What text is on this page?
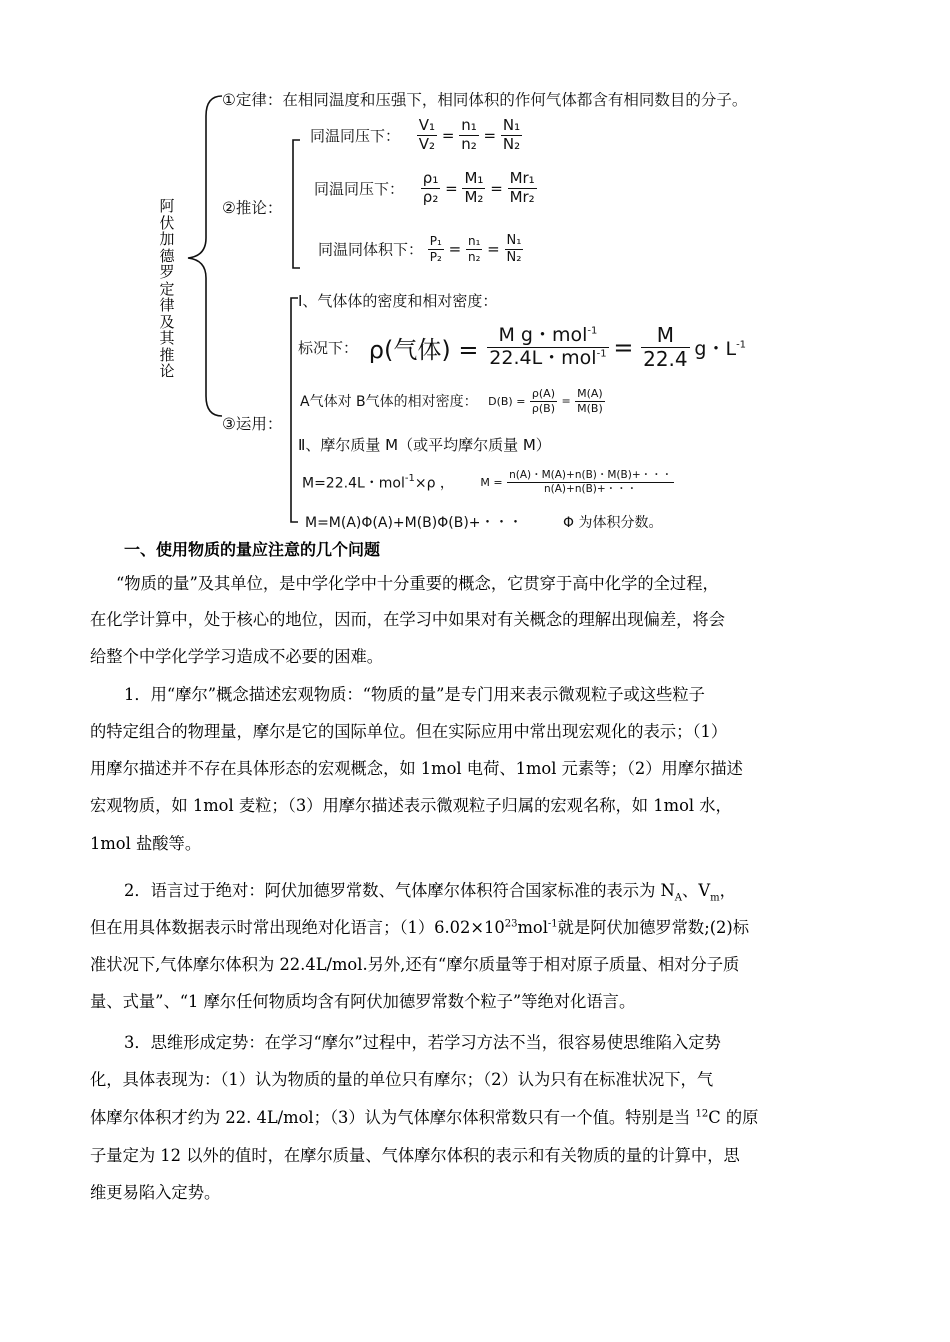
阿
伏
加
德
罗
定
律
及
其
推
论
①定律：在相同温度和压强下，相同体积的作何气体都含有相同数目的分子。
②推论：
同温同压下： $\frac{\text{V₁}}{\text{V₂}} = \frac{\text{n₁}}{\text{n₂}} = \frac{\text{N₁}}{\text{N₂}}$
同温同压下： $\frac{\text{ρ₁}}{\text{ρ₂}} = \frac{\text{M₁}}{\text{M₂}} = \frac{\text{Mr₁}}{\text{Mr₂}}$
同温同体积下： $\frac{\text{P₁}}{\text{P₂}} = \frac{\text{n₁}}{\text{n₂}} = \frac{\text{N₁}}{\text{N₂}}$
③运用：
Ⅰ、气体体的密度和相对密度：
标况下： ρ(气体) =
M g・mol$^{-1}$
22.4L・$mol^{-1} = \frac{M}{22.4}$ g・$L^{-1}$
A气体对 B气体的相对密度： $D(B) = \frac{\rho(A)}{\rho(B)} = \frac{M(A)}{M(B)}$
Ⅱ、摩尔质量 M（或平均摩尔质量 M）
M=22.4L・mol$^{-1}$×ρ ， $M = \frac{n(A)・M(A)+n(B)・M(B)+・・・}{n(A)+n(B)+・・・}$
M=M(A)Φ(A)+M(B)Φ(B)+・・・	Φ 为体积分数。
一、使用物质的量应注意的几个问题
“物质的量”及其单位，是中学化学中十分重要的概念，它贯穿于高中化学的全过程，
在化学计算中，处于核心的地位，因而，在学习中如果对有关概念的理解出现偏差，将会
给整个中学化学学习造成不必要的困难。
1．用“摩尔”概念描述宏观物质：“物质的量”是专门用来表示微观粒子或这些粒子
的特定组合的物理量，摩尔是它的国际单位。但在实际应用中常出现宏观化的表示；（1）
用摩尔描述并不存在具体形态的宏观概念，如 1mol 电荷、1mol 元素等；（2）用摩尔描述
宏观物质，如 1mol 麦粒；（3）用摩尔描述表示微观粒子归属的宏观名称，如 1mol 水，
1mol 盐酸等。
2．语言过于绝对：阿伏加德罗常数、气体摩尔体积符合国家标准的表示为 $N_A$、$V_m$，
但在用具体数据表示时常出现绝对化语言；$(1)6.02\times 10^{23}mol^{-1}$就是阿伏加德罗常数;(2)标
准状况下,气体摩尔体积为 22.4L/mol.另外,还有“摩尔质量等于相对原子质量、相对分子质
量、式量”、“1 摩尔任何物质均含有阿伏加德罗常数个粒子”等绝对化语言。
3．思维形成定势：在学习“摩尔”过程中，若学习方法不当，很容易使思维陷入定势
化，具体表现为：（1）认为物质的量的单位只有摩尔；（2）认为只有在标准状况下，气
体摩尔体积才约为 22. 4L/mol；（3）认为气体摩尔体积常数只有一个值。特别是当 $^{12}$C 的原
子量定为 12 以外的值时，在摩尔质量、气体摩尔体积的表示和有关物质的量的计算中，思
维更易陷入定势。
